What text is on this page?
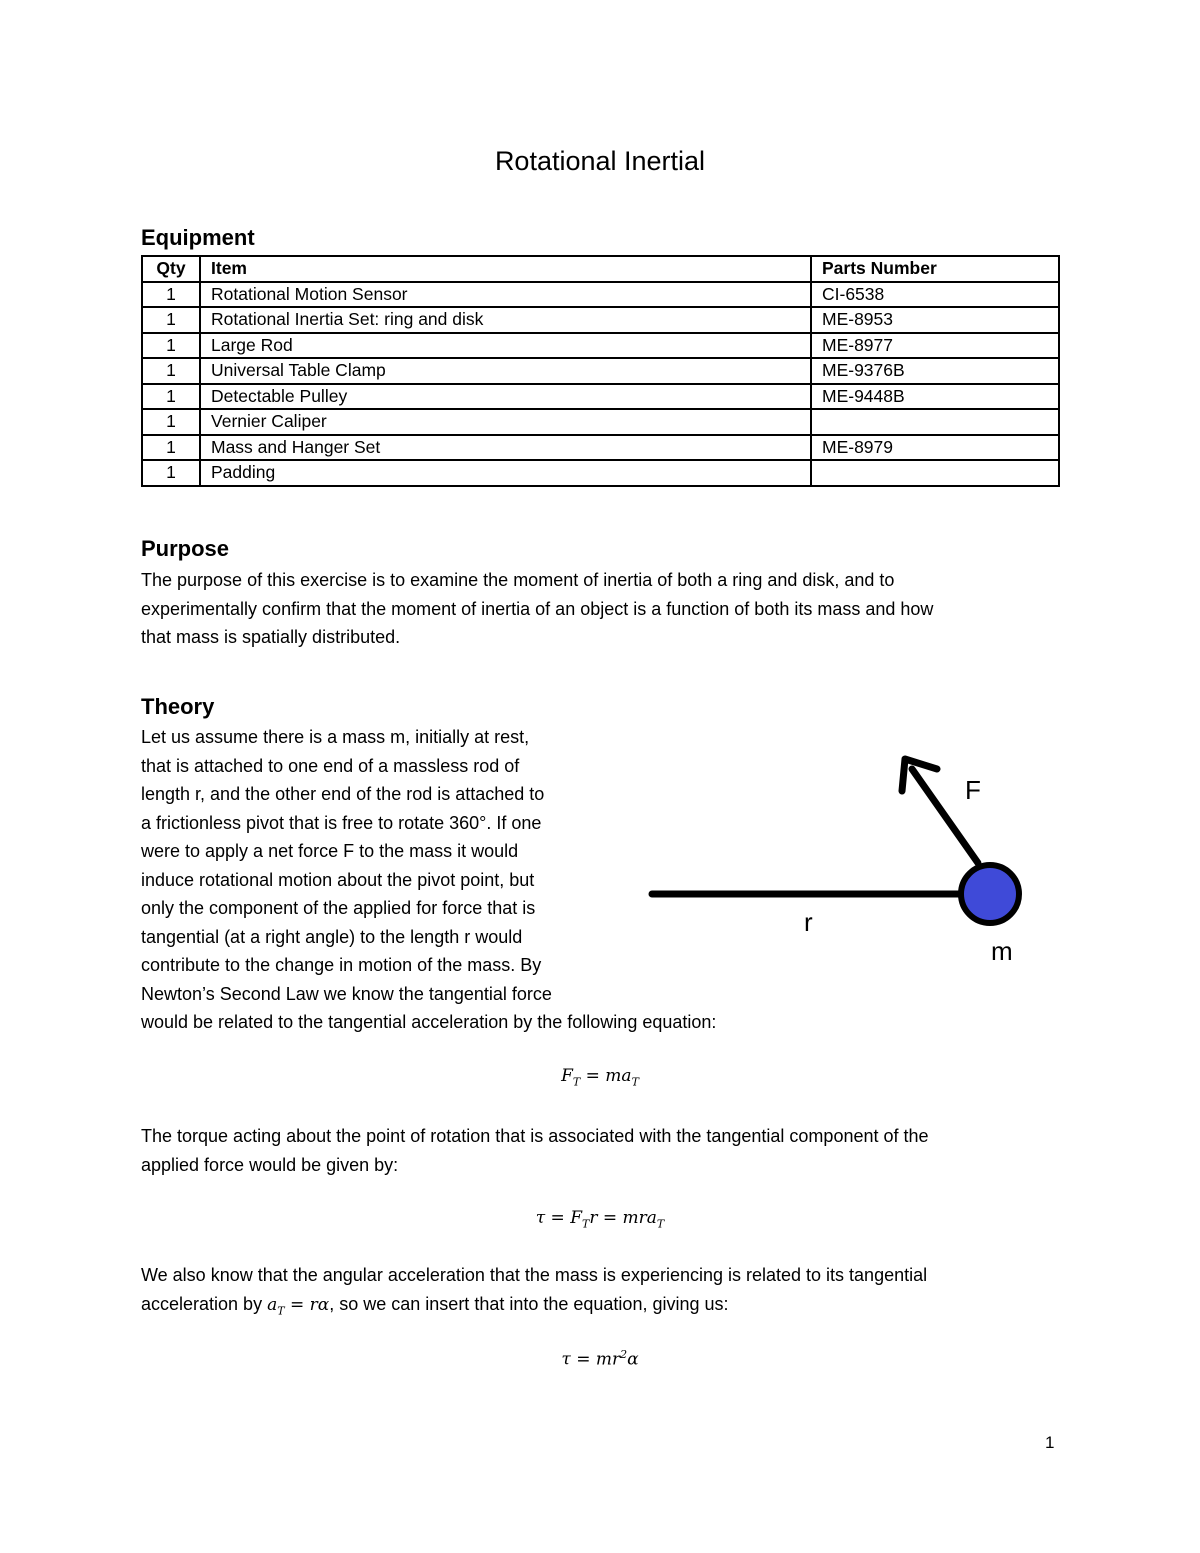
Rotational Inertial
Equipment
Qty	Item	Parts Number
1	Rotational Motion Sensor	CI-6538
1	Rotational Inertia Set: ring and disk	ME-8953
1	Large Rod	ME-8977
1	Universal Table Clamp	ME-9376B
1	Detectable Pulley	ME-9448B
1	Vernier Caliper	
1	Mass and Hanger Set	ME-8979
1	Padding	
Purpose
The purpose of this exercise is to examine the moment of inertia of both a ring and disk, and to
experimentally confirm that the moment of inertia of an object is a function of both its mass and how
that mass is spatially distributed.
Theory
Let us assume there is a mass m, initially at rest,
that is attached to one end of a massless rod of
length r, and the other end of the rod is attached to
a frictionless pivot that is free to rotate 360°. If one
were to apply a net force F to the mass it would
induce rotational motion about the pivot point, but
only the component of the applied for force that is
tangential (at a right angle) to the length r would
contribute to the change in motion of the mass. By
Newton’s Second Law we know the tangential force
would be related to the tangential acceleration by the following equation:
F
r
m
$F_T = ma_T$
The torque acting about the point of rotation that is associated with the tangential component of the
applied force would be given by:
$\tau = F_Tr = mra_T$
We also know that the angular acceleration that the mass is experiencing is related to its tangential
acceleration by $a_T = r\alpha$, so we can insert that into the equation, giving us:
$\tau = mr^2\alpha$
1
